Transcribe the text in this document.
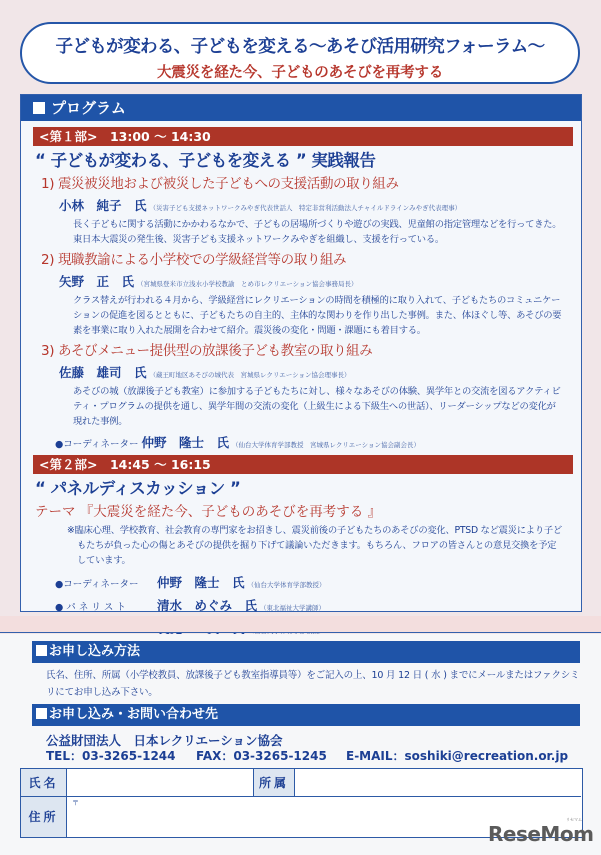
子どもが変わる、子どもを変える〜あそび活用研究フォーラム〜
大震災を経た今、子どものあそびを再考する
プログラム
<第１部>　13:00 ～ 14:30
“ 子どもが変わる、子どもを変える ” 実践報告
1) 震災被災地および被災した子どもへの支援活動の取り組み
小林　純子　氏 （災害子ども支援ネットワークみやぎ代表世話人　特定非営利活動法人チャイルドラインみやぎ代表理事）
長く子どもに関する活動にかかわるなかで、子どもの居場所づくりや遊びの実践、児童館の指定管理などを行ってきた。東日本大震災の発生後、災害子ども支援ネットワークみやぎを組織し、支援を行っている。
2) 現職教諭による小学校での学級経営等の取り組み
矢野　正　氏 （宮城県登米市立浅水小学校教諭　とめ市レクリエーション協会事務局長）
クラス替えが行われる４月から、学級経営にレクリエーションの時間を積極的に取り入れて、子どもたちのコミュニケーションの促進を図るとともに、子どもたちの自主的、主体的な関わりを作り出した事例。また、体ほぐし等、あそびの要素を事業に取り入れた展開を合わせて紹介。震災後の変化・問題・課題にも着目する。
3) あそびメニュー提供型の放課後子ども教室の取り組み
佐藤　雄司　氏 （蔵王町地区あそびの城代表　宮城県レクリエーション協会理事長）
あそびの城（放課後子ども教室）に参加する子どもたちに対し、様々なあそびの体験、異学年との交流を図るアクティビティ・プログラムの提供を通し、異学年間の交流の変化（上級生による下級生への世話）、リーダーシップなどの変化が現れた事例。
●コーディネーター 仲野　隆士　氏 （仙台大学体育学部教授　宮城県レクリエーション協会副会長）
<第２部>　14:45 ～ 16:15
“ パネルディスカッション ”
テーマ 『大震災を経た今、子どものあそびを再考する 』
※臨床心理、学校教育、社会教育の専門家をお招きし、震災前後の子どもたちのあそびの変化、PTSD など震災により子どもたちが負った心の傷とあそびの提供を掘り下げて議論いただきます。もちろん、フロアの皆さんとの意見交換を予定しています。
●コーディネーター 仲野　隆士　氏 （仙台大学体育学部教授）
● パ ネ リ ス ト 清水　めぐみ　氏 （東北福祉大学講師）
お申し込み方法
氏名、住所、所属（小学校教員、放課後子ども教室指導員等）をご記入の上、10 月 12 日 ( 水 ) までにメールまたはファクシミリにてお申し込み下さい。
お申し込み・お問い合わせ先
公益財団法人　日本レクリエーション協会
TEL：03-3265-1244 FAX：03-3265-1245 E-MAIL：soshiki@recreation.or.jp
氏名	所属
住所
〒
リセマム
ReseMom
